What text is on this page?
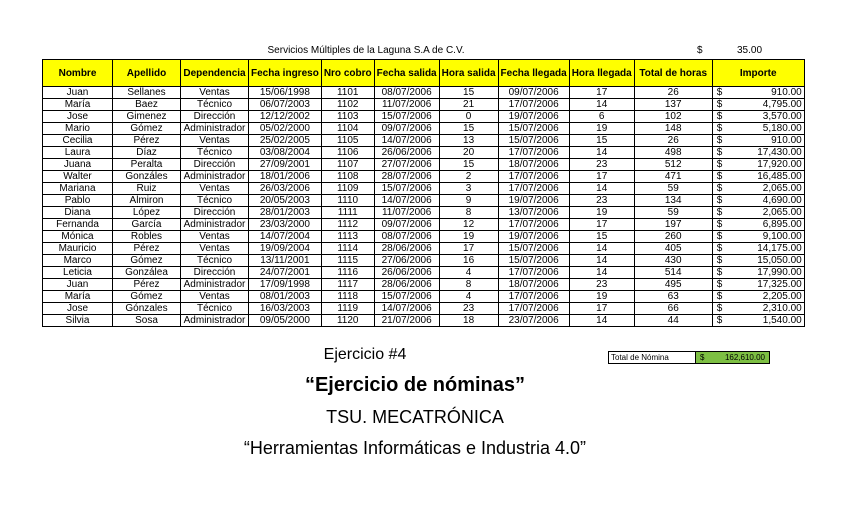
Servicios Múltiples de la Laguna S.A de C.V.	$	35.00
Nombre	Apellido	Dependencia	Fecha ingreso	Nro cobro	Fecha salida	Hora salida	Fecha llegada	Hora llegada	Total de horas	Importe
Juan	Sellanes	Ventas	15/06/1998	1101	08/07/2006	15	09/07/2006	17	26	$ 910.00
María	Baez	Técnico	06/07/2003	1102	11/07/2006	21	17/07/2006	14	137	$ 4,795.00
Jose	Gimenez	Dirección	12/12/2002	1103	15/07/2006	0	19/07/2006	6	102	$ 3,570.00
Mario	Gómez	Administrador	05/02/2000	1104	09/07/2006	15	15/07/2006	19	148	$ 5,180.00
Cecilia	Pérez	Ventas	25/02/2005	1105	14/07/2006	13	15/07/2006	15	26	$ 910.00
Laura	Díaz	Técnico	03/08/2004	1106	26/06/2006	20	17/07/2006	14	498	$ 17,430.00
Juana	Peralta	Dirección	27/09/2001	1107	27/07/2006	15	18/07/2006	23	512	$ 17,920.00
Walter	Gonzáles	Administrador	18/01/2006	1108	28/07/2006	2	17/07/2006	17	471	$ 16,485.00
Mariana	Ruiz	Ventas	26/03/2006	1109	15/07/2006	3	17/07/2006	14	59	$ 2,065.00
Pablo	Almiron	Técnico	20/05/2003	1110	14/07/2006	9	19/07/2006	23	134	$ 4,690.00
Diana	López	Dirección	28/01/2003	1111	11/07/2006	8	13/07/2006	19	59	$ 2,065.00
Fernanda	García	Administrador	23/03/2000	1112	09/07/2006	12	17/07/2006	17	197	$ 6,895.00
Mónica	Robles	Ventas	14/07/2004	1113	08/07/2006	19	19/07/2006	15	260	$ 9,100.00
Mauricio	Pérez	Ventas	19/09/2004	1114	28/06/2006	17	15/07/2006	14	405	$ 14,175.00
Marco	Gómez	Técnico	13/11/2001	1115	27/06/2006	16	15/07/2006	14	430	$ 15,050.00
Leticia	Gonzálea	Dirección	24/07/2001	1116	26/06/2006	4	17/07/2006	14	514	$ 17,990.00
Juan	Pérez	Administrador	17/09/1998	1117	28/06/2006	8	18/07/2006	23	495	$ 17,325.00
María	Gómez	Ventas	08/01/2003	1118	15/07/2006	4	17/07/2006	19	63	$ 2,205.00
Jose	Gónzales	Técnico	16/03/2003	1119	14/07/2006	23	17/07/2006	17	66	$ 2,310.00
Silvia	Sosa	Administrador	09/05/2000	1120	21/07/2006	18	23/07/2006	14	44	$ 1,540.00
Total de Nómina	$	162,610.00
Ejercicio #4
“Ejercicio de nóminas”
TSU. MECATRÓNICA
“Herramientas Informáticas e Industria 4.0”
